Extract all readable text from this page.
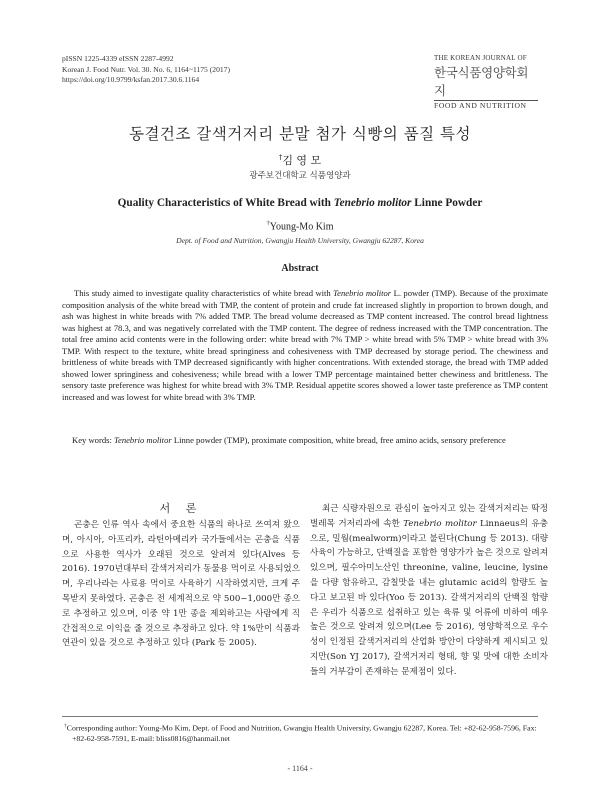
pISSN 1225-4339 eISSN 2287-4992
Korean J. Food Nutr. Vol. 30. No. 6, 1164~1175 (2017)
https://doi.org/10.9799/ksfan.2017.30.6.1164
THE KOREAN JOURNAL OF
한국식품영양학회지
FOOD AND NUTRITION
동결건조 갈색거저리 분말 첨가 식빵의 품질 특성
†김 영 모
광주보건대학교 식품영양과
Quality Characteristics of White Bread with Tenebrio molitor Linne Powder
†Young-Mo Kim
Dept. of Food and Nutrition, Gwangju Health University, Gwangju 62287, Korea
Abstract
This study aimed to investigate quality characteristics of white bread with Tenebrio molitor L. powder (TMP). Because of the proximate composition analysis of the white bread with TMP, the content of protein and crude fat increased slightly in proportion to brown dough, and ash was highest in white breads with 7% added TMP. The bread volume decreased as TMP content increased. The control bread lightness was highest at 78.3, and was negatively correlated with the TMP content. The degree of redness increased with the TMP concentration. The total free amino acid contents were in the following order: white bread with 7% TMP > white bread with 5% TMP > white bread with 3% TMP. With respect to the texture, white bread springiness and cohesiveness with TMP decreased by storage period. The chewiness and brittleness of white breads with TMP decreased significantly with higher concentrations. With extended storage, the bread with TMP added showed lower springiness and cohesiveness; while bread with a lower TMP percentage maintained better chewiness and brittleness. The sensory taste preference was highest for white bread with 3% TMP. Residual appetite scores showed a lower taste preference as TMP content increased and was lowest for white bread with 3% TMP.
Key words: Tenebrio molitor Linne powder (TMP), proximate composition, white bread, free amino acids, sensory preference
서 론
곤충은 인류 역사 속에서 중요한 식품의 하나로 쓰여져 왔으며, 아시아, 아프리카, 라틴아메리카 국가들에서는 곤충을 식품으로 사용한 역사가 오래된 것으로 알려져 있다(Alves 등 2016). 1970년대부터 갈색거저리가 동물용 먹이로 사용되었으며, 우리나라는 사료용 먹이로 사육하기 시작하였지만, 크게 주목받지 못하였다. 곤충은 전 세계적으로 약 500~1,000만 종으로 추정하고 있으며, 이중 약 1만 종을 제외하고는 사람에게 직간접적으로 이익을 줄 것으로 추정하고 있다. 약 1%만이 식품과 연관이 있을 것으로 추정하고 있다 (Park 등 2005).
최근 식량자원으로 관심이 높아지고 있는 갈색거저리는 딱정벌레목 거저리과에 속한 Tenebrio molitor Linnaeus의 유충으로, 밀웜(mealworm)이라고 불린다(Chung 등 2013). 대량 사육이 가능하고, 단백질을 포함한 영양가가 높은 것으로 알려져 있으며, 필수아미노산인 threonine, valine, leucine, lysine을 다량 함유하고, 감칠맛을 내는 glutamic acid의 함량도 높다고 보고된 바 있다(Yoo 등 2013). 갈색거저리의 단백질 함량은 우리가 식품으로 섭취하고 있는 육류 및 어류에 비하여 매우 높은 것으로 알려져 있으며(Lee 등 2016), 영양학적으로 우수성이 인정된 갈색거저리의 산업화 방안이 다양하게 제시되고 있지만(Son YJ 2017), 갈색거저리 형태, 향 및 맛에 대한 소비자들의 거부감이 존재하는 문제점이 있다.
†Corresponding author: Young-Mo Kim, Dept. of Food and Nutrition, Gwangju Health University, Gwangju 62287, Korea. Tel: +82-62-958-7596, Fax: +82-62-958-7591, E-mail: bliss0816@hanmail.net
- 1164 -
